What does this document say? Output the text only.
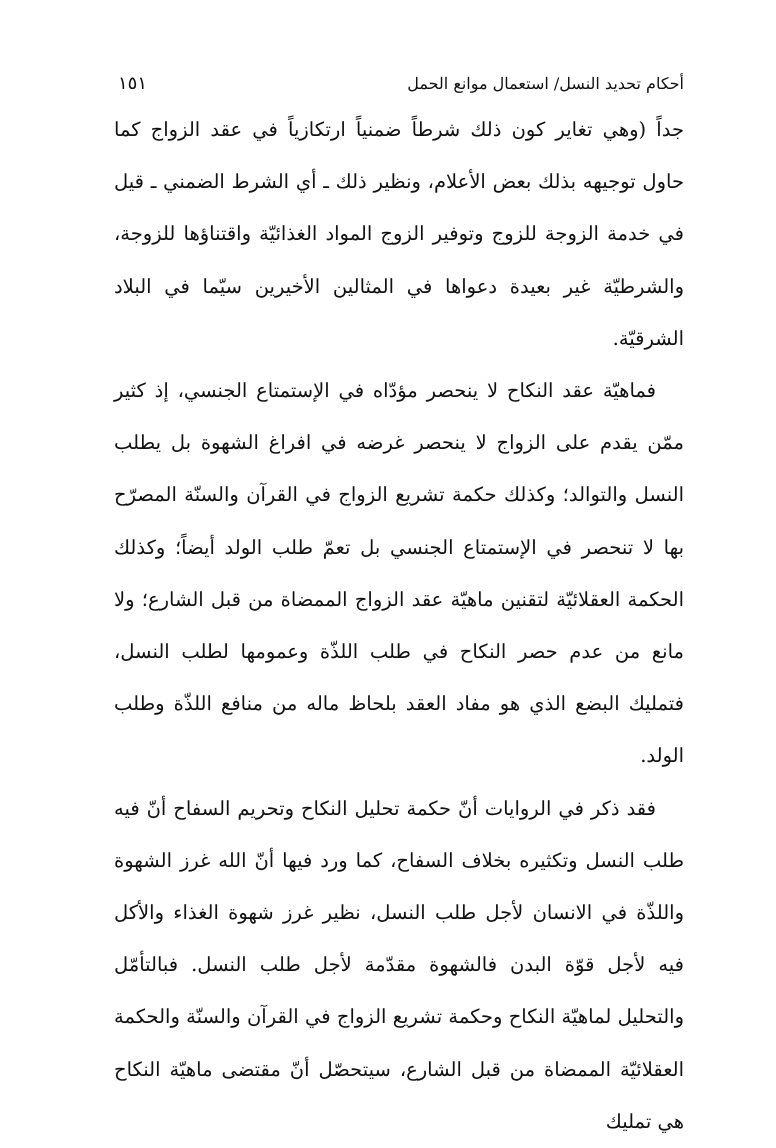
أحكام تحديد النسل/ استعمال موانع الحمل
١٥١

جداً (وهي تغاير كون ذلك شرطاً ضمنياً ارتكازياً في عقد الزواج كما حاول توجيهه بذلك بعض الأعلام، ونظير ذلك ـ أي الشرط الضمني ـ قيل في خدمة الزوجة للزوج وتوفير الزوج المواد الغذائيّة واقتناؤها للزوجة، والشرطيّة غير بعيدة دعواها في المثالين الأخيرين سيّما في البلاد الشرقيّة.

فماهيّة عقد النكاح لا ينحصر مؤدّاه في الإستمتاع الجنسي، إذ كثير ممّن يقدم على الزواج لا ينحصر غرضه في افراغ الشهوة بل يطلب النسل والتوالد؛ وكذلك حكمة تشريع الزواج في القرآن والسنّة المصرّح بها لا تنحصر في الإستمتاع الجنسي بل تعمّ طلب الولد أيضاً؛ وكذلك الحكمة العقلائيّة لتقنين ماهيّة عقد الزواج الممضاة من قبل الشارع؛ ولا مانع من عدم حصر النكاح في طلب اللذّة وعمومها لطلب النسل، فتمليك البضع الذي هو مفاد العقد بلحاظ ماله من منافع اللذّة وطلب الولد.

فقد ذكر في الروايات أنّ حكمة تحليل النكاح وتحريم السفاح أنّ فيه طلب النسل وتكثيره بخلاف السفاح، كما ورد فيها أنّ الله غرز الشهوة واللذّة في الانسان لأجل طلب النسل، نظير غرز شهوة الغذاء والأكل فيه لأجل قوّة البدن فالشهوة مقدّمة لأجل طلب النسل. فبالتأمّل والتحليل لماهيّة النكاح وحكمة تشريع الزواج في القرآن والسنّة والحكمة العقلائيّة الممضاة من قبل الشارع، سيتحصّل أنّ مقتضى ماهيّة النكاح هي تمليك
